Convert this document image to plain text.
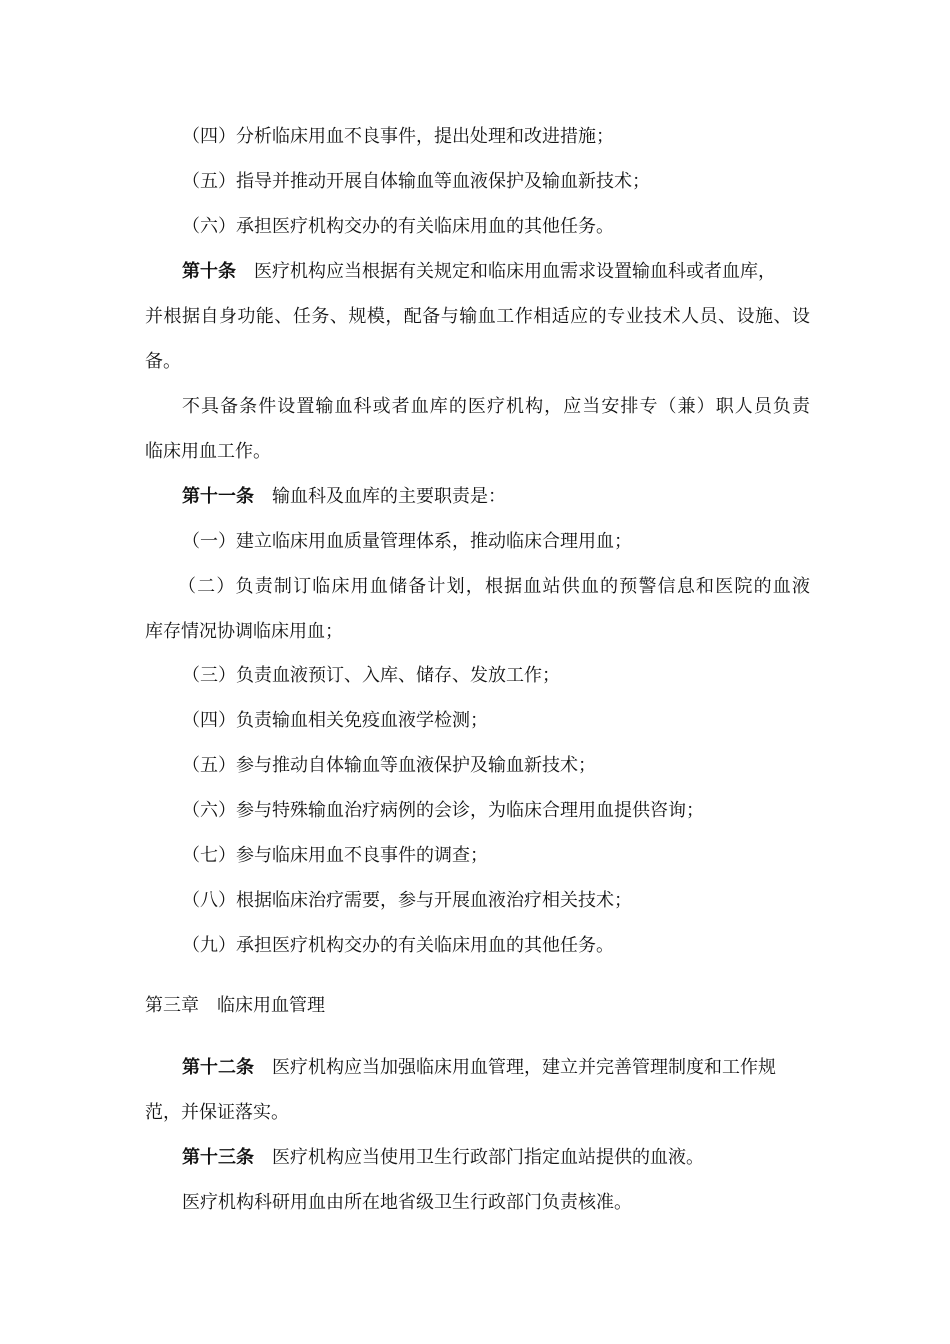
（四）分析临床用血不良事件，提出处理和改进措施；
（五）指导并推动开展自体输血等血液保护及输血新技术；
（六）承担医疗机构交办的有关临床用血的其他任务。
第十条 医疗机构应当根据有关规定和临床用血需求设置输血科或者血库，
并根据自身功能、任务、规模，配备与输血工作相适应的专业技术人员、设施、设
备。
不具备条件设置输血科或者血库的医疗机构，应当安排专（兼）职人员负责
临床用血工作。
第十一条 输血科及血库的主要职责是：
（一）建立临床用血质量管理体系，推动临床合理用血；
（二）负责制订临床用血储备计划，根据血站供血的预警信息和医院的血液
库存情况协调临床用血；
（三）负责血液预订、入库、储存、发放工作；
（四）负责输血相关免疫血液学检测；
（五）参与推动自体输血等血液保护及输血新技术；
（六）参与特殊输血治疗病例的会诊，为临床合理用血提供咨询；
（七）参与临床用血不良事件的调查；
（八）根据临床治疗需要，参与开展血液治疗相关技术；
（九）承担医疗机构交办的有关临床用血的其他任务。
第三章 临床用血管理
第十二条 医疗机构应当加强临床用血管理，建立并完善管理制度和工作规
范，并保证落实。
第十三条 医疗机构应当使用卫生行政部门指定血站提供的血液。
医疗机构科研用血由所在地省级卫生行政部门负责核准。
